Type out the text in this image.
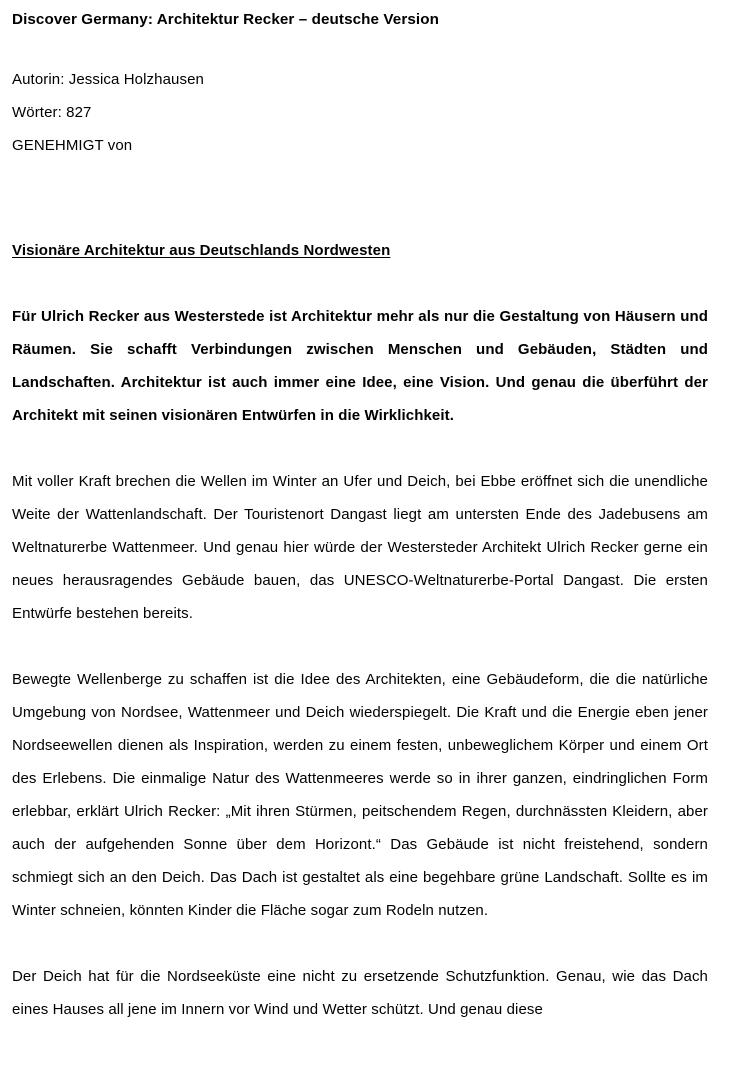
Discover Germany: Architektur Recker – deutsche Version

Autorin: Jessica Holzhausen

Wörter: 827

GENEHMIGT von

Visionäre Architektur aus Deutschlands Nordwesten

Für Ulrich Recker aus Westerstede ist Architektur mehr als nur die Gestaltung von Häusern und Räumen. Sie schafft Verbindungen zwischen Menschen und Gebäuden, Städten und Landschaften. Architektur ist auch immer eine Idee, eine Vision. Und genau die überführt der Architekt mit seinen visionären Entwürfen in die Wirklichkeit.

Mit voller Kraft brechen die Wellen im Winter an Ufer und Deich, bei Ebbe eröffnet sich die unendliche Weite der Wattenlandschaft. Der Touristenort Dangast liegt am untersten Ende des Jadebusens am Weltnaturerbe Wattenmeer. Und genau hier würde der Westersteder Architekt Ulrich Recker gerne ein neues herausragendes Gebäude bauen, das UNESCO-Weltnaturerbe-Portal Dangast. Die ersten Entwürfe bestehen bereits.

Bewegte Wellenberge zu schaffen ist die Idee des Architekten, eine Gebäudeform, die die natürliche Umgebung von Nordsee, Wattenmeer und Deich wiederspiegelt. Die Kraft und die Energie eben jener Nordseewellen dienen als Inspiration, werden zu einem festen, unbeweglichem Körper und einem Ort des Erlebens. Die einmalige Natur des Wattenmeeres werde so in ihrer ganzen, eindringlichen Form erlebbar, erklärt Ulrich Recker: „Mit ihren Stürmen, peitschendem Regen, durchnässten Kleidern, aber auch der aufgehenden Sonne über dem Horizont.“ Das Gebäude ist nicht freistehend, sondern schmiegt sich an den Deich. Das Dach ist gestaltet als eine begehbare grüne Landschaft. Sollte es im Winter schneien, könnten Kinder die Fläche sogar zum Rodeln nutzen.

Der Deich hat für die Nordseeküste eine nicht zu ersetzende Schutzfunktion. Genau, wie das Dach eines Hauses all jene im Innern vor Wind und Wetter schützt. Und genau diese
